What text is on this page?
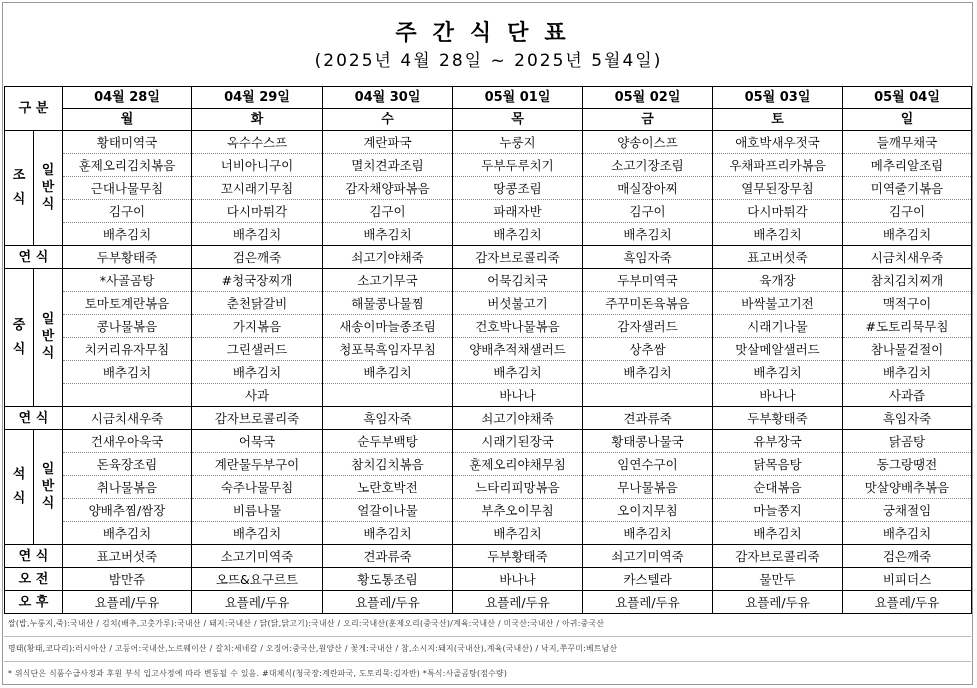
주간식단표
(2025년 4월 28일 ~ 2025년 5월4일)
구 분		04월 28일	04월 29일	04월 30일	05월 01일	05월 02일	05월 03일	05월 04일
		월	화	수	목	금	토	일
조식	일반식	황태미역국	옥수수스프	계란파국	누룽지	양송이스프	애호박새우젓국	들깨무채국
		훈제오리김치볶음	너비아니구이	멸치견과조림	두부두루치기	소고기장조림	우채파프리카볶음	메추리알조림
		근대나물무침	꼬시래기무침	감자채양파볶음	땅콩조림	매실장아찌	열무된장무침	미역줄기볶음
		김구이	다시마튀각	김구이	파래자반	김구이	다시마튀각	김구이
		배추김치	배추김치	배추김치	배추김치	배추김치	배추김치	배추김치
연 식		두부황태죽	검은깨죽	쇠고기야채죽	감자브로콜리죽	흑임자죽	표고버섯죽	시금치새우죽
중식	일반식	*사골곰탕	#청국장찌개	소고기무국	어묵김치국	두부미역국	육개장	참치김치찌개
		토마토계란볶음	춘천닭갈비	해물콩나물찜	버섯불고기	주꾸미돈육볶음	바싹불고기전	맥적구이
		콩나물볶음	가지볶음	새송이마늘종조림	건호박나물볶음	감자샐러드	시래기나물	#도토리묵무침
		치커리유자무침	그린샐러드	청포묵흑임자무침	양배추적채샐러드	상추쌈	맛살메알샐러드	참나물겉절이
		배추김치	배추김치	배추김치	배추김치	배추김치	배추김치	배추김치
			사과		바나나		바나나	사과즙
연 식		시금치새우죽	감자브로콜리죽	흑임자죽	쇠고기야채죽	견과류죽	두부황태죽	흑임자죽
석식	일반식	건새우아욱국	어묵국	순두부백탕	시래기된장국	황태콩나물국	유부장국	닭곰탕
		돈육장조림	계란물두부구이	참치김치볶음	훈제오리야채무침	임연수구이	닭목음탕	동그랑땡전
		취나물볶음	숙주나물무침	노란호박전	느타리피망볶음	무나물볶음	순대볶음	맛살양배추볶음
		양배추찜/쌈장	비름나물	얼갈이나물	부추오이무침	오이지무침	마늘쫑지	궁채절임
		배추김치	배추김치	배추김치	배추김치	배추김치	배추김치	배추김치
연 식		표고버섯죽	소고기미역죽	견과류죽	두부황태죽	쇠고기미역죽	감자브로콜리죽	검은깨죽
오 전		밤만쥬	오뜨&요구르트	황도통조림	바나나	카스텔라	물만두	비피더스
오 후		요플레/두유	요플레/두유	요플레/두유	요플레/두유	요플레/두유	요플레/두유	요플레/두유
쌀(밥,누룽지,죽):국내산 / 김치(배추,고춧가루):국내산 / 돼지:국내산 / 닭(닭,닭고기):국내산 / 오리:국내산(훈제오리(중국산)/계육:국내산 / 미국산:국내산 / 아귀:중국산
명태(황태,코다리):러시아산 / 고등어:국내산,노르웨이산 / 갈치:세네갈 / 오징어:중국산,원양산 / 꽃게:국내산 / 참,소시지:돼지(국내산),계육(국내산) / 낙지,쭈꾸미:베트남산
* 위식단은 식품수급사정과 후원 부식 입고사정에 따라 변동될 수 있음. #대체식(청국장:계란파국, 도토리묵:김자반) *특식:사골곰탕(점수량)
